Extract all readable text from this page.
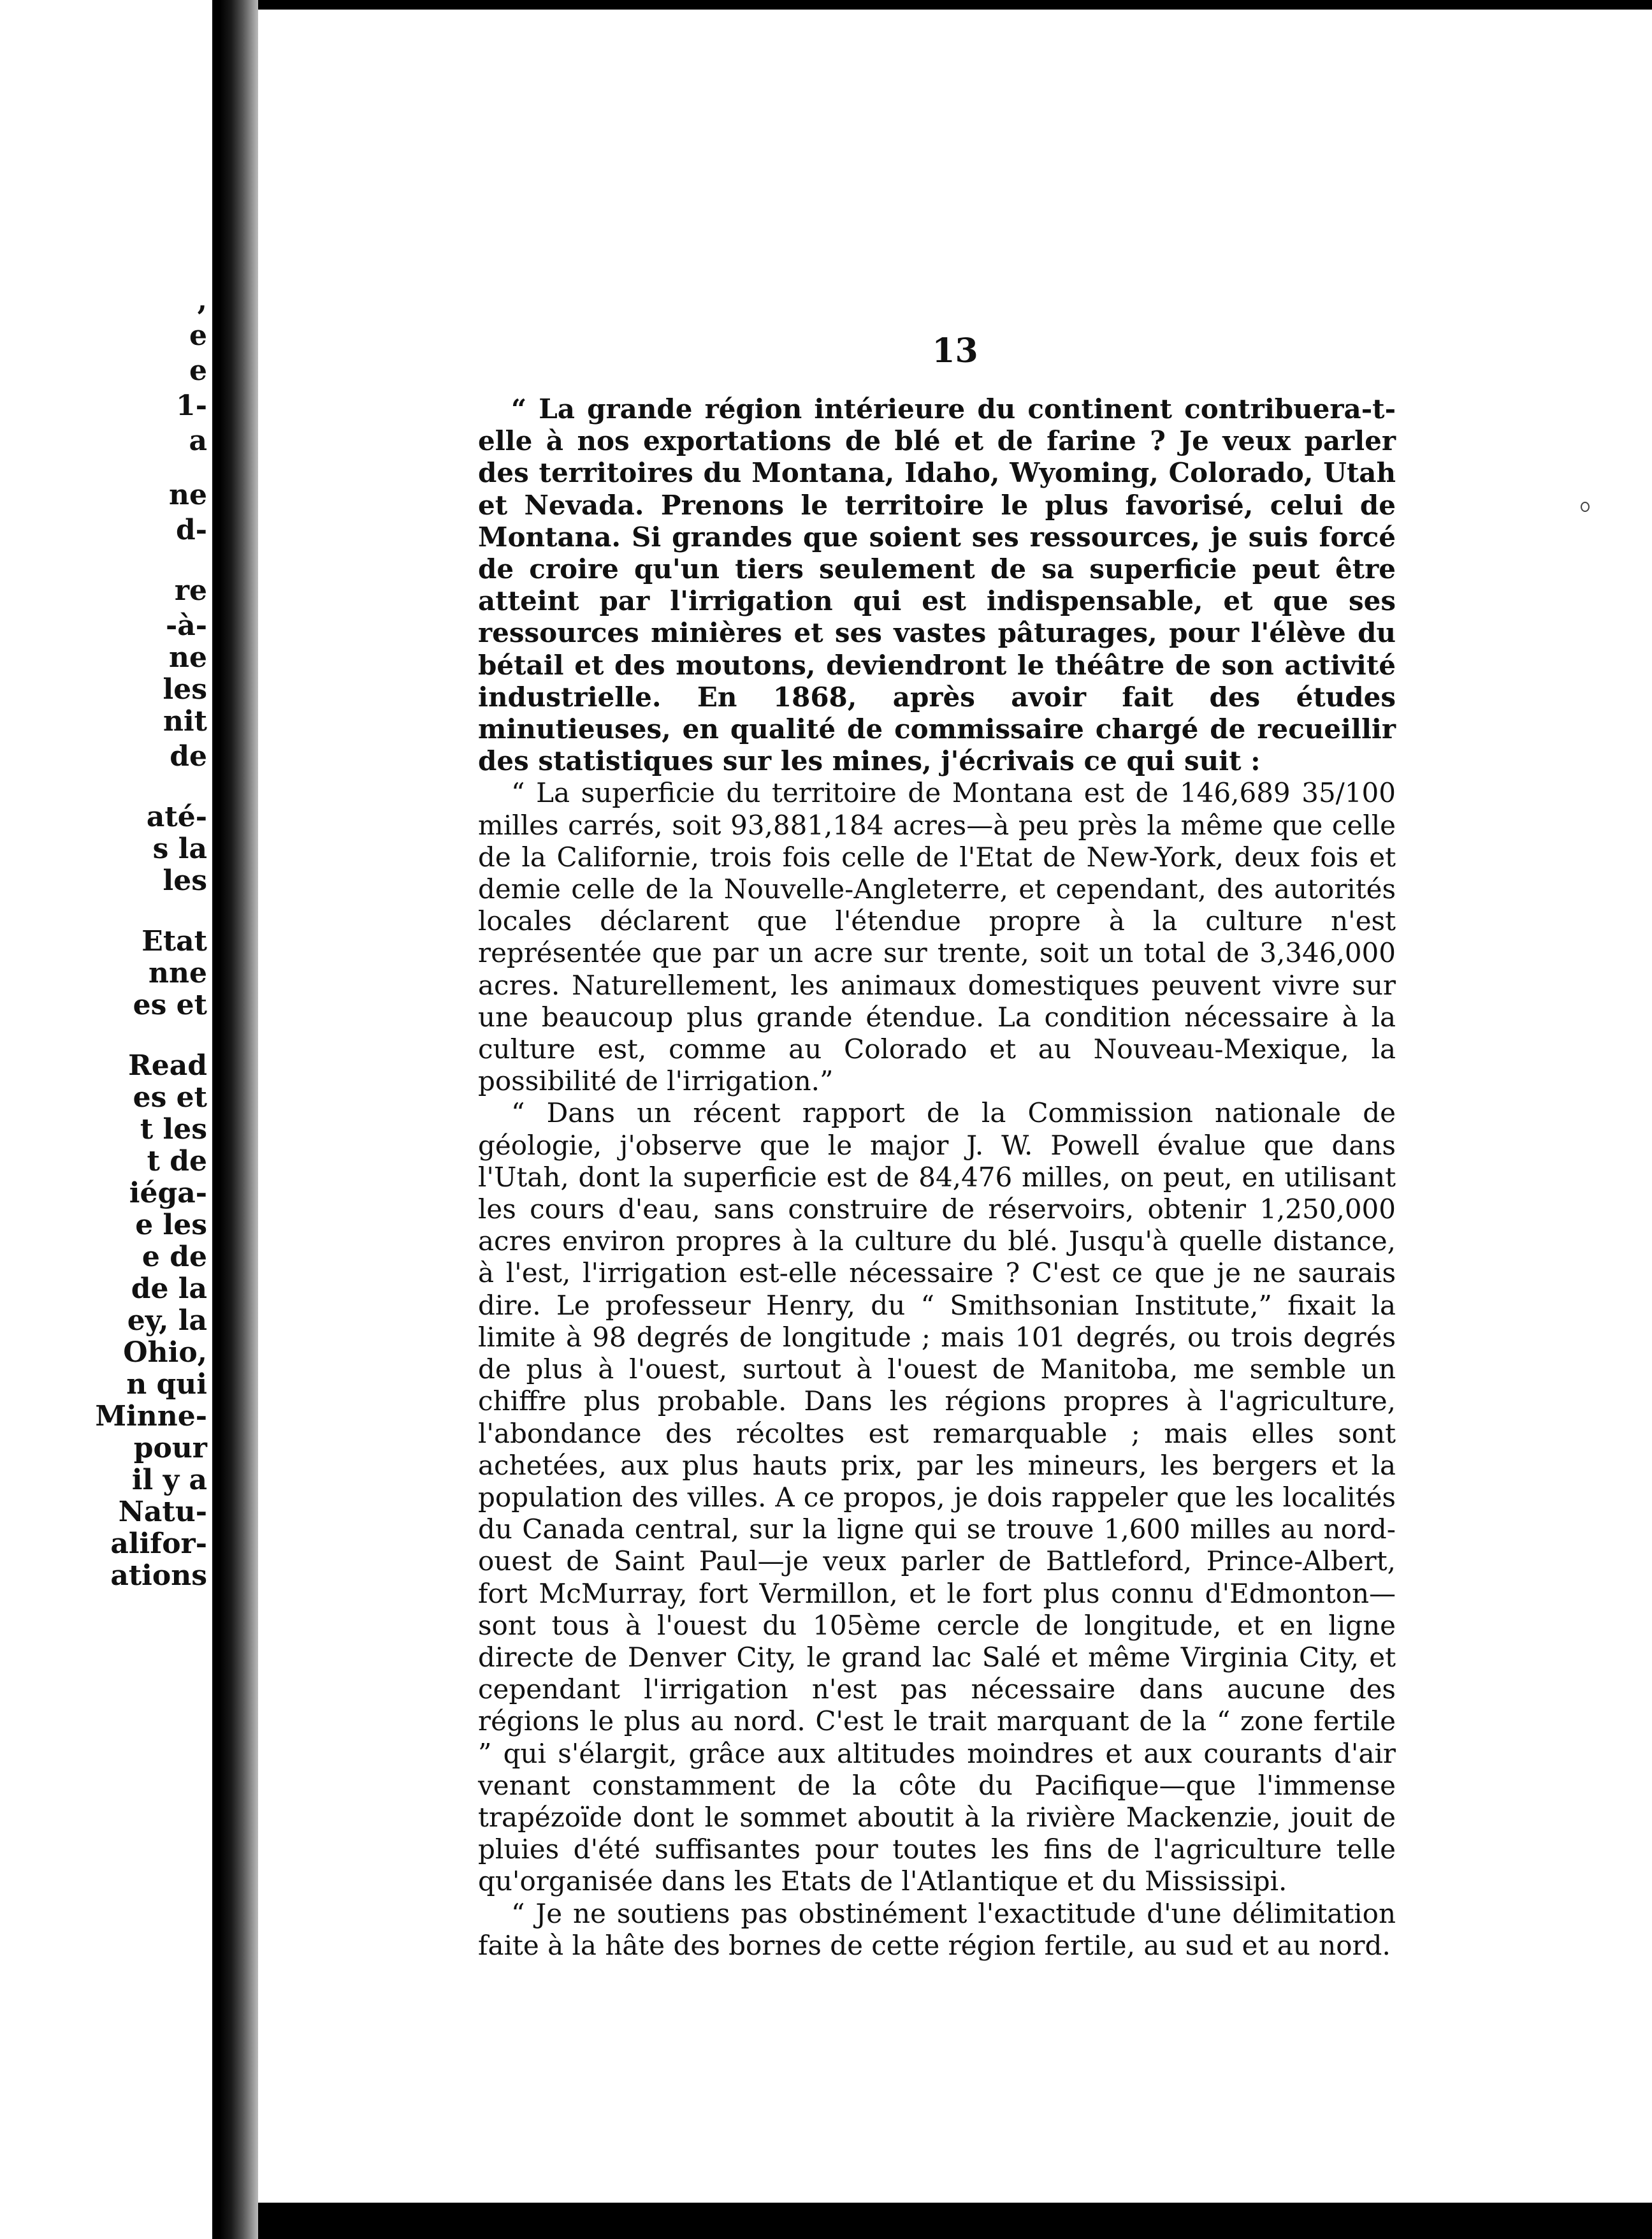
,
e
e
1-
a
ne
d-
re
-à-
ne
les
nit
de
até-
s la
les
Etat
nne
es et
Read
es et
t les
t de
iéga-
e les
e de
de la
ey, la
Ohio,
n qui
Minne-
pour
il y a
Natu-
alifor-
ations
13

“ La grande région intérieure du continent contribuera-t-elle à nos exportations de blé et de farine ? Je veux parler des territoires du Montana, Idaho, Wyoming, Colorado, Utah et Nevada. Prenons le territoire le plus favorisé, celui de Montana. Si grandes que soient ses ressources, je suis forcé de croire qu'un tiers seulement de sa superficie peut être atteint par l'irrigation qui est indispensable, et que ses ressources minières et ses vastes pâturages, pour l'élève du bétail et des moutons, deviendront le théâtre de son activité industrielle. En 1868, après avoir fait des études minutieuses, en qualité de commissaire chargé de recueillir des statistiques sur les mines, j'écrivais ce qui suit :

“ La superficie du territoire de Montana est de 146,689 35/100 milles carrés, soit 93,881,184 acres—à peu près la même que celle de la Californie, trois fois celle de l'Etat de New-York, deux fois et demie celle de la Nouvelle-Angleterre, et cependant, des autorités locales déclarent que l'étendue propre à la culture n'est représentée que par un acre sur trente, soit un total de 3,346,000 acres. Naturellement, les animaux domestiques peuvent vivre sur une beaucoup plus grande étendue. La condition nécessaire à la culture est, comme au Colorado et au Nouveau-Mexique, la possibilité de l'irrigation.”

“ Dans un récent rapport de la Commission nationale de géologie, j'observe que le major J. W. Powell évalue que dans l'Utah, dont la superficie est de 84,476 milles, on peut, en utilisant les cours d'eau, sans construire de réservoirs, obtenir 1,250,000 acres environ propres à la culture du blé. Jusqu'à quelle distance, à l'est, l'irrigation est-elle nécessaire ? C'est ce que je ne saurais dire. Le professeur Henry, du “ Smithsonian Institute,” fixait la limite à 98 degrés de longitude ; mais 101 degrés, ou trois degrés de plus à l'ouest, surtout à l'ouest de Manitoba, me semble un chiffre plus probable. Dans les régions propres à l'agriculture, l'abondance des récoltes est remarquable ; mais elles sont achetées, aux plus hauts prix, par les mineurs, les bergers et la population des villes. A ce propos, je dois rappeler que les localités du Canada central, sur la ligne qui se trouve 1,600 milles au nord-ouest de Saint Paul—je veux parler de Battleford, Prince-Albert, fort McMurray, fort Vermillon, et le fort plus connu d'Edmonton—sont tous à l'ouest du 105ème cercle de longitude, et en ligne directe de Denver City, le grand lac Salé et même Virginia City, et cependant l'irrigation n'est pas nécessaire dans aucune des régions le plus au nord. C'est le trait marquant de la “ zone fertile ” qui s'élargit, grâce aux altitudes moindres et aux courants d'air venant constamment de la côte du Pacifique—que l'immense trapézoïde dont le sommet aboutit à la rivière Mackenzie, jouit de pluies d'été suffisantes pour toutes les fins de l'agriculture telle qu'organisée dans les Etats de l'Atlantique et du Mississipi.

“ Je ne soutiens pas obstinément l'exactitude d'une délimitation faite à la hâte des bornes de cette région fertile, au sud et au nord.
